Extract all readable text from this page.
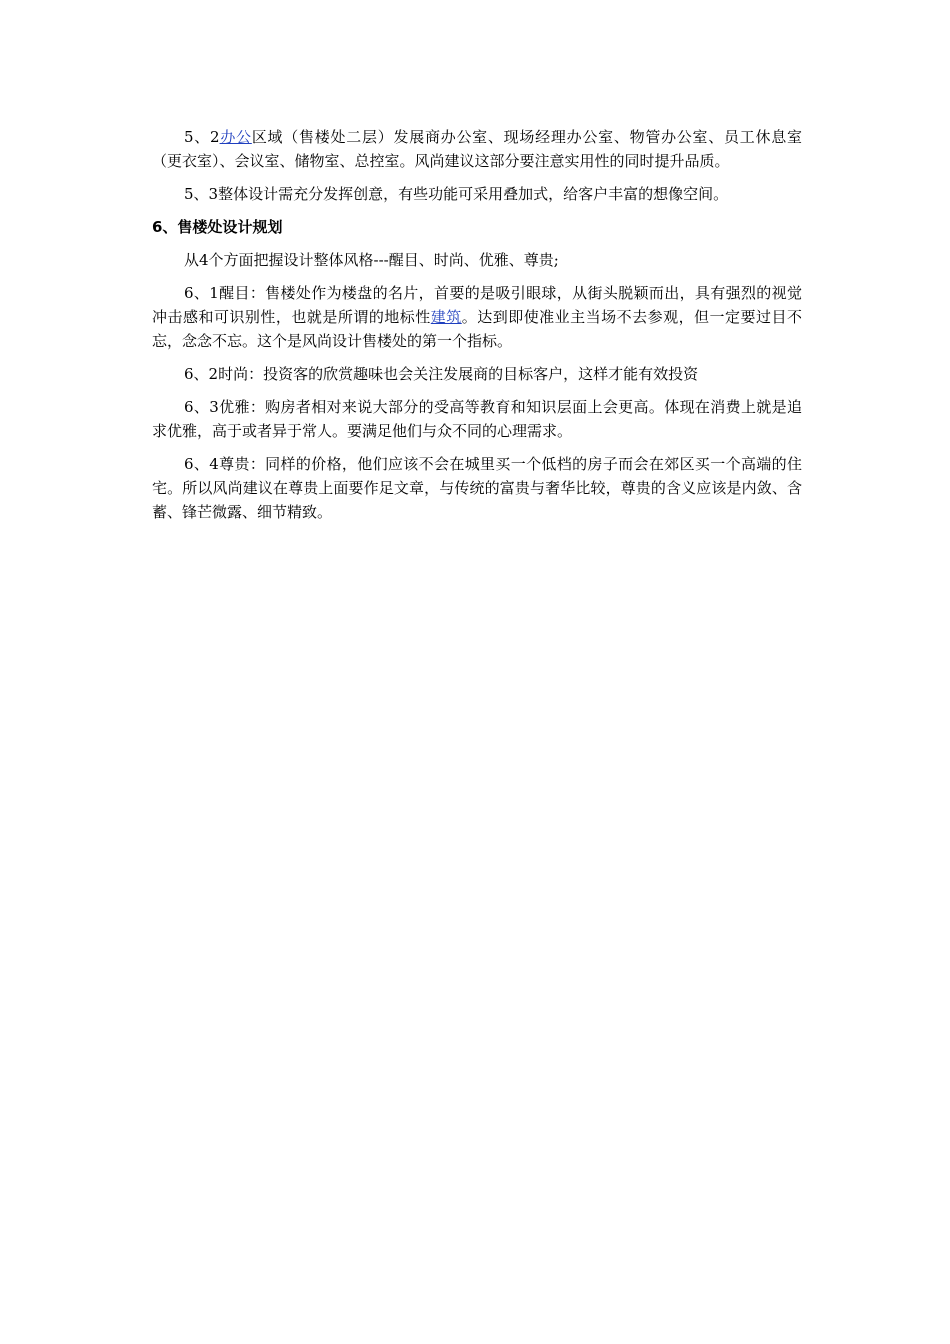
5、2办公区域（售楼处二层）发展商办公室、现场经理办公室、物管办公室、员工休息室（更衣室）、会议室、储物室、总控室。风尚建议这部分要注意实用性的同时提升品质。

5、3整体设计需充分发挥创意，有些功能可采用叠加式，给客户丰富的想像空间。

6、售楼处设计规划

从4个方面把握设计整体风格---醒目、时尚、优雅、尊贵;

6、1醒目：售楼处作为楼盘的名片，首要的是吸引眼球，从街头脱颖而出，具有强烈的视觉冲击感和可识别性，也就是所谓的地标性建筑。达到即使准业主当场不去参观，但一定要过目不忘，念念不忘。这个是风尚设计售楼处的第一个指标。

6、2时尚：投资客的欣赏趣味也会关注发展商的目标客户，这样才能有效投资

6、3优雅：购房者相对来说大部分的受高等教育和知识层面上会更高。体现在消费上就是追求优雅，高于或者异于常人。要满足他们与众不同的心理需求。

6、4尊贵：同样的价格，他们应该不会在城里买一个低档的房子而会在郊区买一个高端的住宅。所以风尚建议在尊贵上面要作足文章，与传统的富贵与奢华比较，尊贵的含义应该是内敛、含蓄、锋芒微露、细节精致。
